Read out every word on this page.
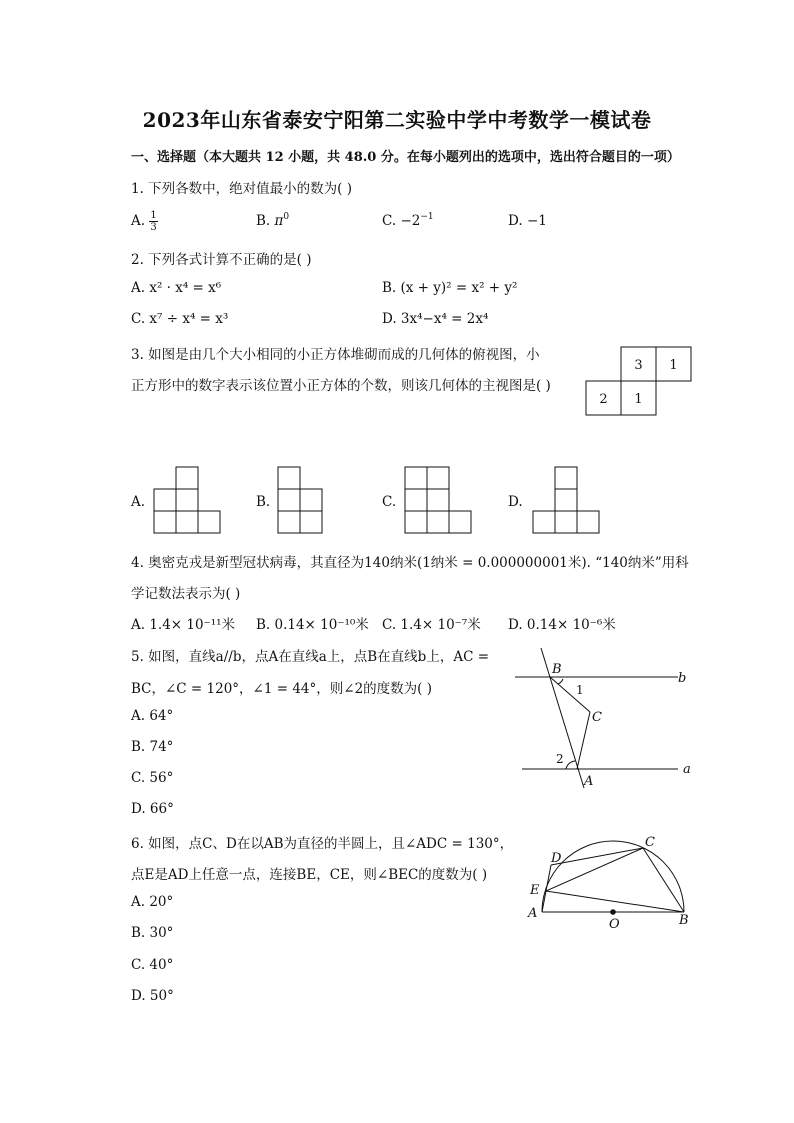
2023年山东省泰安宁阳第二实验中学中考数学一模试卷
一、选择题（本大题共 12 小题，共 48.0 分。在每小题列出的选项中，选出符合题目的一项）
1. 下列各数中，绝对值最小的数为( )
A. $\frac{1}{3}$	B. $\pi^0$	C. $-2^{-1}$	D. −1
2. 下列各式计算不正确的是( )
A. x² · x⁴ = x⁶	B. (x + y)² = x² + y²
C. x⁷ ÷ x⁴ = x³	D. 3x⁴−x⁴ = 2x⁴
3. 如图是由几个大小相同的小正方体堆砌而成的几何体的俯视图，小
正方形中的数字表示该位置小正方体的个数，则该几何体的主视图是( )
3 1
2 1
A.	B.	C.	D.
4. 奥密克戎是新型冠状病毒，其直径为140纳米(1纳米 = 0.000000001米). “140纳米”用科
学记数法表示为( )
A. 1.4× 10⁻¹¹米 B. 0.14× 10⁻¹⁰米 C. 1.4× 10⁻⁷米 D. 0.14× 10⁻⁶米
5. 如图，直线a//b，点A在直线a上，点B在直线b上，AC =
BC，∠C = 120°，∠1 = 44°，则∠2的度数为( )
A. 64°
B. 74°
C. 56°
D. 66°
B
b
C
a
A
1
2
6. 如图，点C、D在以AB为直径的半圆上，且∠ADC = 130°，
点E是AD上任意一点，连接BE，CE，则∠BEC的度数为( )
A. 20°
B. 30°
C. 40°
D. 50°
D
C
E
A
O	B
